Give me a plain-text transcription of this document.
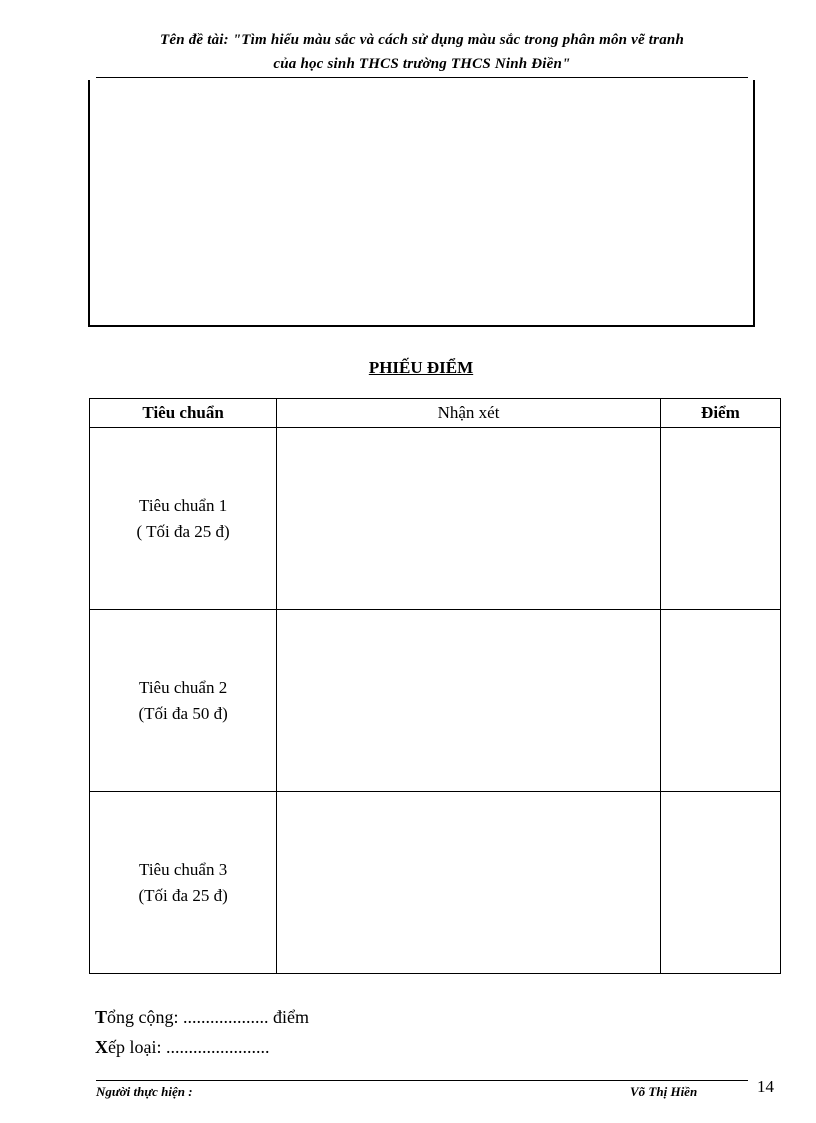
Tên đề tài: "Tìm hiểu màu sắc và cách sử dụng màu sắc trong phân môn vẽ tranh
của học sinh THCS trường THCS Ninh Điền"
PHIẾU ĐIỂM
Tiêu chuẩn	Nhận xét	Điểm

Tiêu chuẩn 1
( Tối đa 25 đ)		

Tiêu chuẩn 2
(Tối đa 50 đ)		

Tiêu chuẩn 3
(Tối đa 25 đ)		

Tổng cộng: ................... điểm
Xếp loại: .......................
Người thực hiện :	Võ Thị Hiền	14
